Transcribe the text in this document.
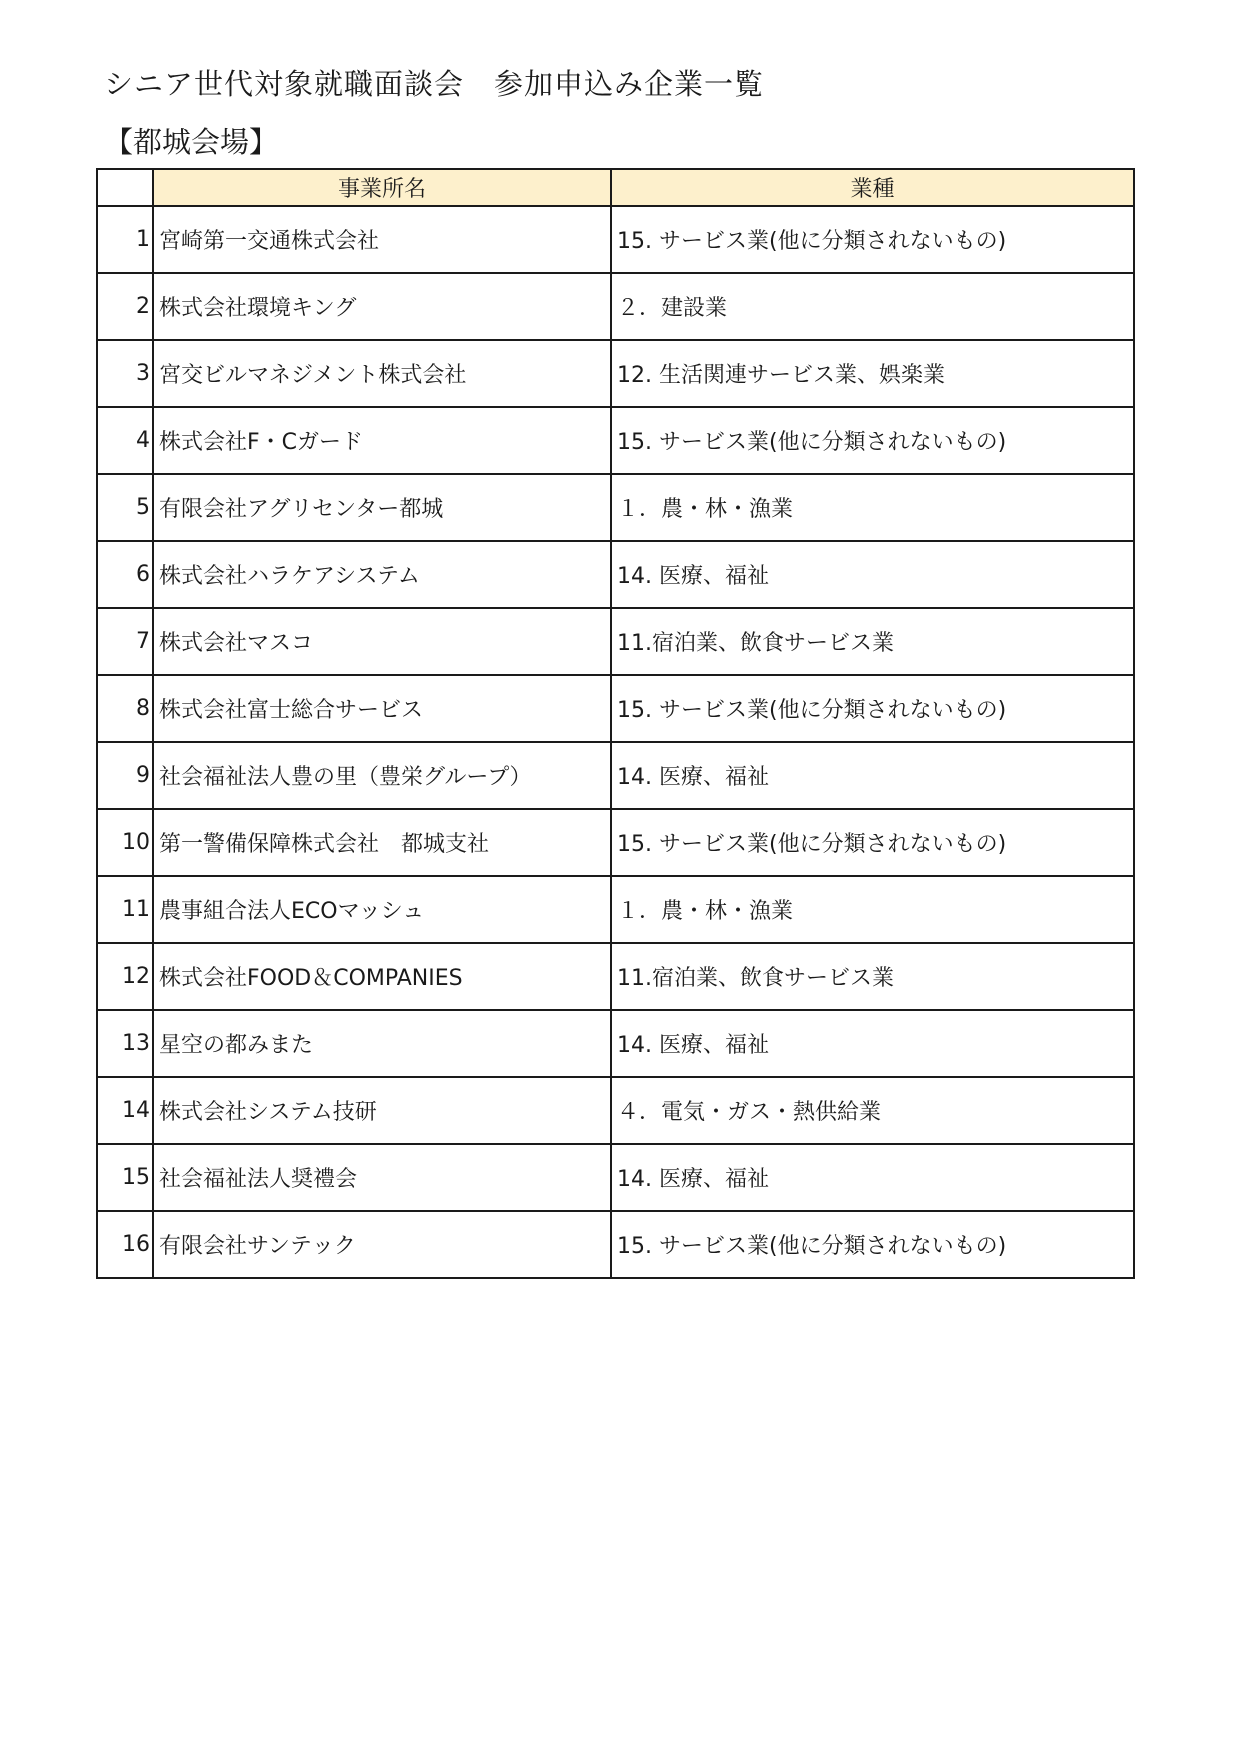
シニア世代対象就職面談会　参加申込み企業一覧
【都城会場】
	事業所名	業種
1	宮崎第一交通株式会社	15. サービス業(他に分類されないもの)
2	株式会社環境キング	２．建設業
3	宮交ビルマネジメント株式会社	12. 生活関連サービス業、娯楽業
4	株式会社F・Cガード	15. サービス業(他に分類されないもの)
5	有限会社アグリセンター都城	１．農・林・漁業
6	株式会社ハラケアシステム	14. 医療、福祉
7	株式会社マスコ	11.宿泊業、飲食サービス業
8	株式会社富士総合サービス	15. サービス業(他に分類されないもの)
9	社会福祉法人豊の里（豊栄グループ）	14. 医療、福祉
10	第一警備保障株式会社　都城支社	15. サービス業(他に分類されないもの)
11	農事組合法人ECOマッシュ	１．農・林・漁業
12	株式会社FOOD＆COMPANIES	11.宿泊業、飲食サービス業
13	星空の都みまた	14. 医療、福祉
14	株式会社システム技研	４．電気・ガス・熱供給業
15	社会福祉法人奨禮会	14. 医療、福祉
16	有限会社サンテック	15. サービス業(他に分類されないもの)
